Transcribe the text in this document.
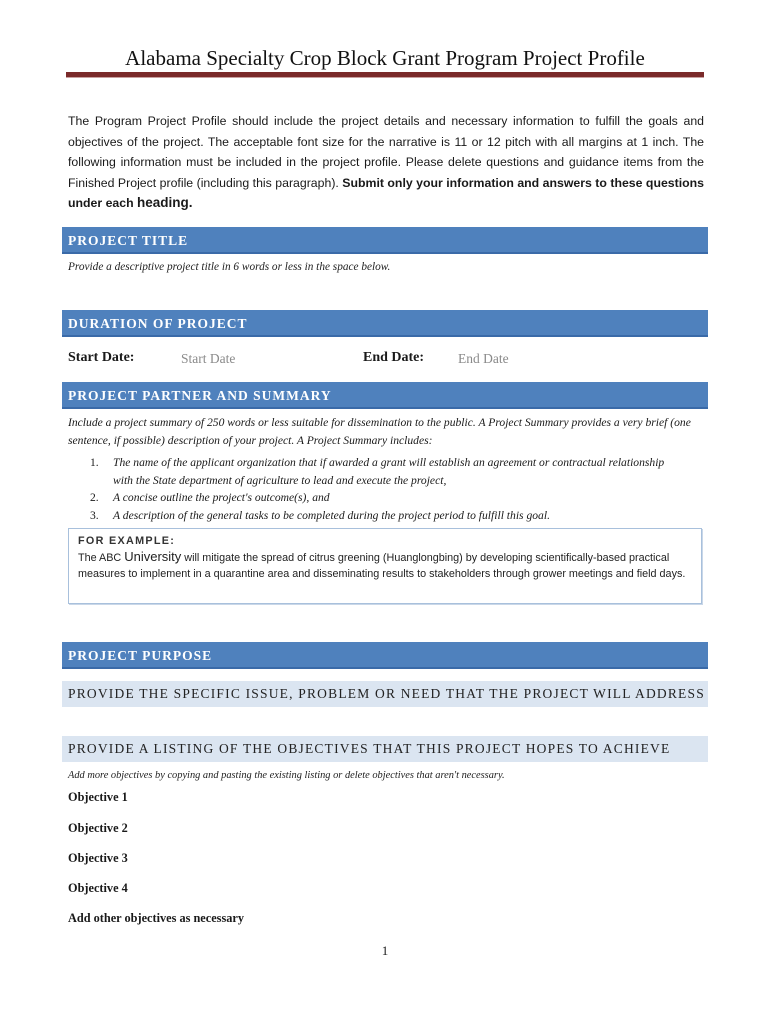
Alabama Specialty Crop Block Grant Program Project Profile
The Program Project Profile should include the project details and necessary information to fulfill the goals and objectives of the project. The acceptable font size for the narrative is 11 or 12 pitch with all margins at 1 inch. The following information must be included in the project profile. Please delete questions and guidance items from the Finished Project profile (including this paragraph). Submit only your information and answers to these questions under each heading.
PROJECT TITLE
Provide a descriptive project title in 6 words or less in the space below.
DURATION OF PROJECT
Start Date:	Start Date	End Date:	End Date
PROJECT PARTNER AND SUMMARY
Include a project summary of 250 words or less suitable for dissemination to the public. A Project Summary provides a very brief (one sentence, if possible) description of your project. A Project Summary includes:
1. The name of the applicant organization that if awarded a grant will establish an agreement or contractual relationship with the State department of agriculture to lead and execute the project,
2. A concise outline the project's outcome(s), and
3. A description of the general tasks to be completed during the project period to fulfill this goal.
FOR EXAMPLE:
The ABC University will mitigate the spread of citrus greening (Huanglongbing) by developing scientifically-based practical measures to implement in a quarantine area and disseminating results to stakeholders through grower meetings and field days.
PROJECT PURPOSE
PROVIDE THE SPECIFIC ISSUE, PROBLEM OR NEED THAT THE PROJECT WILL ADDRESS
PROVIDE A LISTING OF THE OBJECTIVES THAT THIS PROJECT HOPES TO ACHIEVE
Add more objectives by copying and pasting the existing listing or delete objectives that aren't necessary.
Objective 1
Objective 2
Objective 3
Objective 4
Add other objectives as necessary
1
